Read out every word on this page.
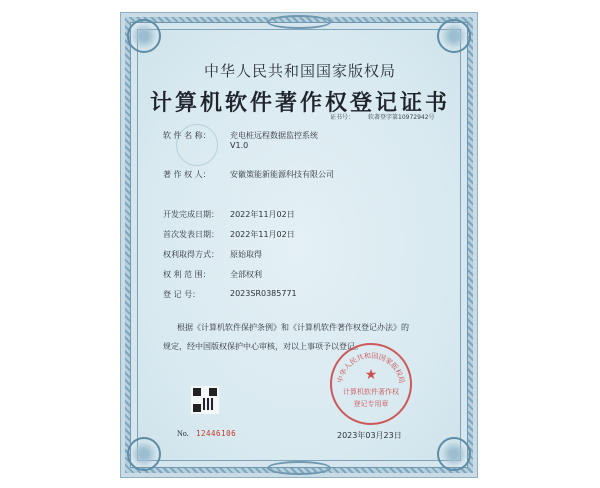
中华人民共和国国家版权局
计算机软件著作权登记证书
证书号： 软著登字第10972942号
软 件 名 称： 充电桩远程数据监控系统
V1.0
著 作 权 人： 安徽策能新能源科技有限公司
开发完成日期： 2022年11月02日
首次发表日期： 2022年11月02日
权利取得方式： 原始取得
权 利 范 围： 全部权利
登 记 号：	2023SR0385771
根据《计算机软件保护条例》和《计算机软件著作权登记办法》的
规定，经中国版权保护中心审核，对以上事项予以登记。
No. 12446106
中华人民共和国国家版权局
★
计算机软件著作权
登记专用章
2023年03月23日
